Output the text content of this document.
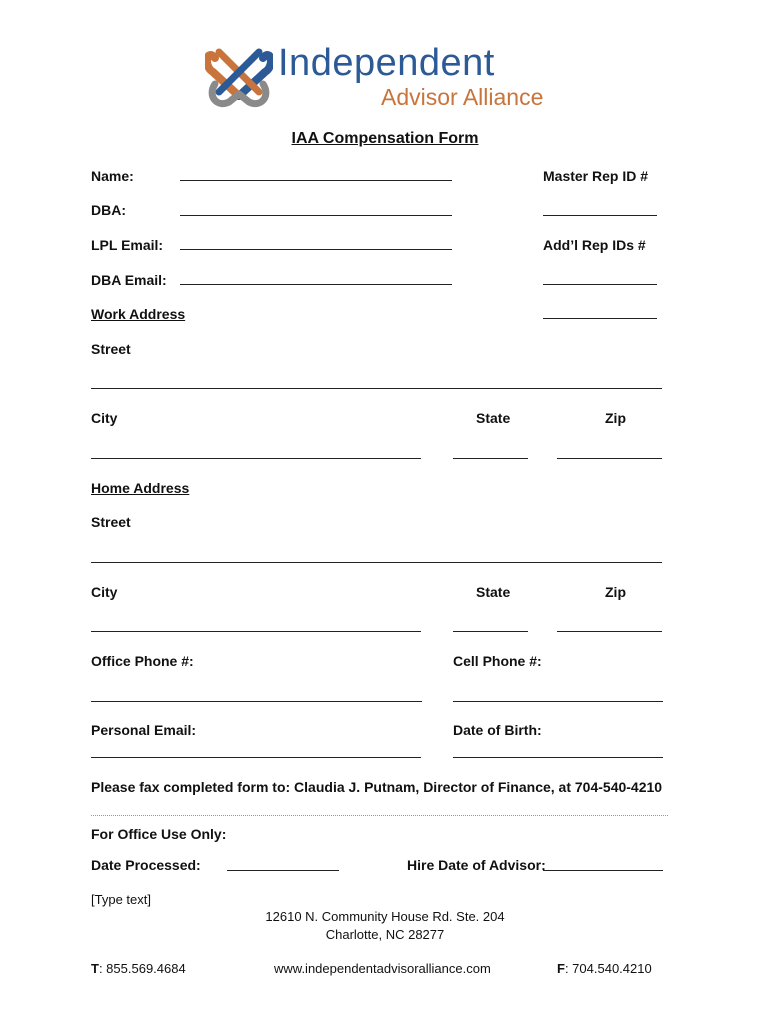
Independent
Advisor Alliance
IAA Compensation Form
Name:	Master Rep ID #
DBA:
LPL Email:	Add’l Rep IDs #
DBA Email:
Work Address
Street
City	State	Zip
Home Address
Street
City	State	Zip
Office Phone #:	Cell Phone #:
Personal Email:	Date of Birth:
Please fax completed form to: Claudia J. Putnam, Director of Finance, at 704-540-4210
For Office Use Only:
Date Processed:	Hire Date of Advisor:
[Type text]
12610 N. Community House Rd. Ste. 204
Charlotte, NC 28277
T: 855.569.4684	www.independentadvisoralliance.com	F: 704.540.4210
